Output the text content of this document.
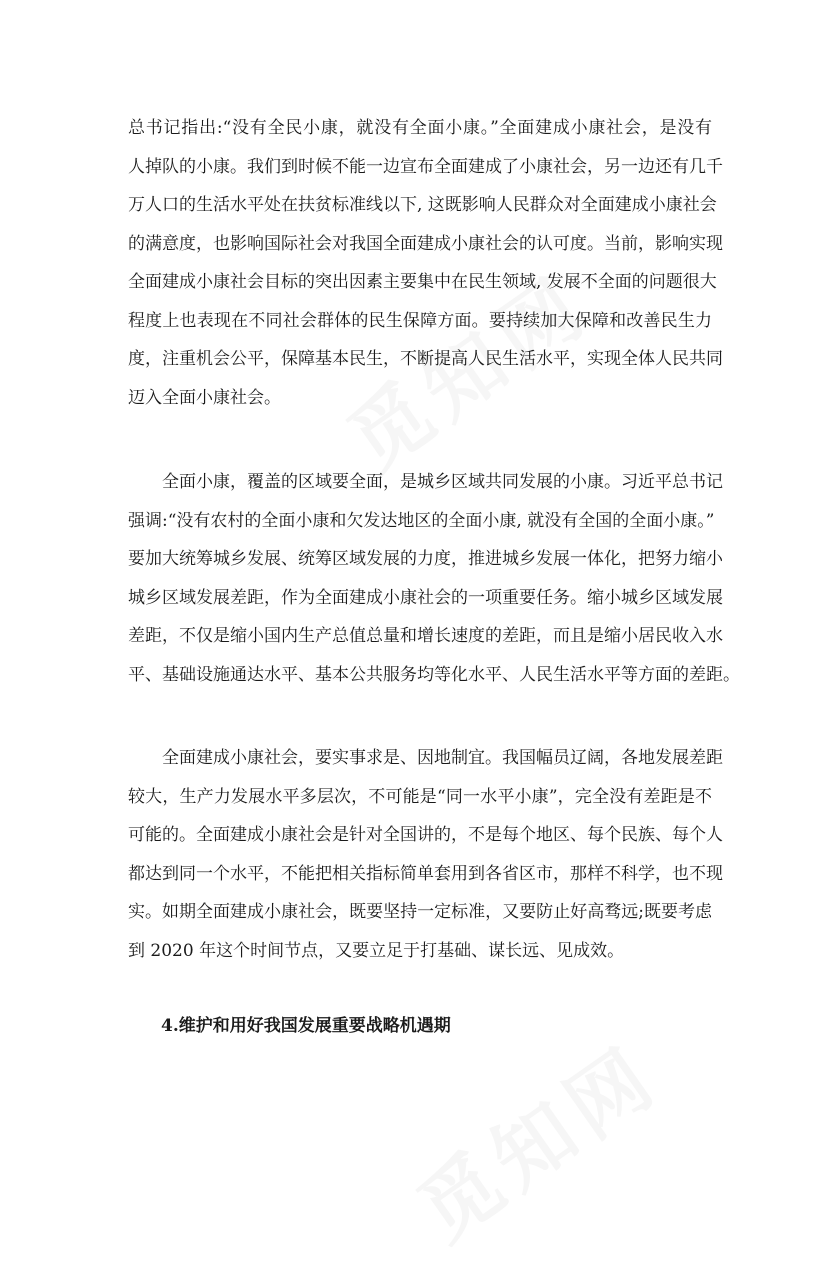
总书记指出:“没有全民小康，就没有全面小康。”全面建成小康社会，是没有
人掉队的小康。我们到时候不能一边宣布全面建成了小康社会，另一边还有几千
万人口的生活水平处在扶贫标准线以下, 这既影响人民群众对全面建成小康社会
的满意度，也影响国际社会对我国全面建成小康社会的认可度。当前，影响实现
全面建成小康社会目标的突出因素主要集中在民生领域, 发展不全面的问题很大
程度上也表现在不同社会群体的民生保障方面。要持续加大保障和改善民生力
度，注重机会公平，保障基本民生，不断提高人民生活水平，实现全体人民共同
迈入全面小康社会。

　　全面小康，覆盖的区域要全面，是城乡区域共同发展的小康。习近平总书记
强调:“没有农村的全面小康和欠发达地区的全面小康, 就没有全国的全面小康。”
要加大统筹城乡发展、统筹区域发展的力度，推进城乡发展一体化，把努力缩小
城乡区域发展差距，作为全面建成小康社会的一项重要任务。缩小城乡区域发展
差距，不仅是缩小国内生产总值总量和增长速度的差距，而且是缩小居民收入水
平、基础设施通达水平、基本公共服务均等化水平、人民生活水平等方面的差距。

　　全面建成小康社会，要实事求是、因地制宜。我国幅员辽阔，各地发展差距
较大，生产力发展水平多层次，不可能是“同一水平小康”，完全没有差距是不
可能的。全面建成小康社会是针对全国讲的，不是每个地区、每个民族、每个人
都达到同一个水平，不能把相关指标简单套用到各省区市，那样不科学，也不现
实。如期全面建成小康社会，既要坚持一定标准，又要防止好高骛远;既要考虑
到 2020 年这个时间节点，又要立足于打基础、谋长远、见成效。

4.维护和用好我国发展重要战略机遇期
